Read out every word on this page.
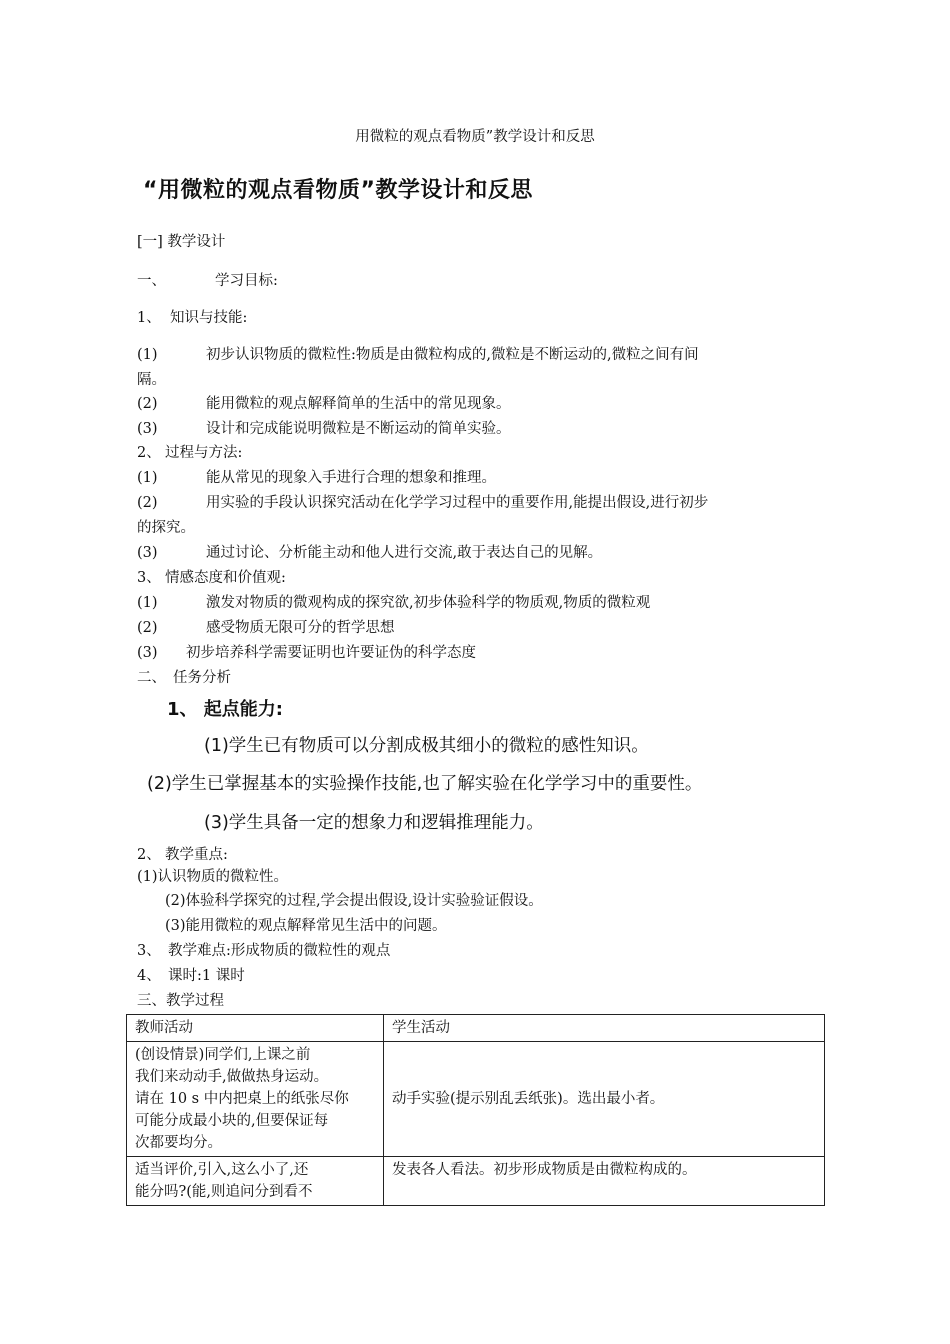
用微粒的观点看物质”教学设计和反思
“用微粒的观点看物质”教学设计和反思
[一] 教学设计
一、	学习目标:
1、 知识与技能:
(1)	初步认识物质的微粒性:物质是由微粒构成的,微粒是不断运动的,微粒之间有间
隔。
(2)	能用微粒的观点解释简单的生活中的常见现象。
(3)	设计和完成能说明微粒是不断运动的简单实验。
2、 过程与方法:
(1)	能从常见的现象入手进行合理的想象和推理。
(2)	用实验的手段认识探究活动在化学学习过程中的重要作用,能提出假设,进行初步
的探究。
(3)	通过讨论、分析能主动和他人进行交流,敢于表达自己的见解。
3、 情感态度和价值观:
(1)	激发对物质的微观构成的探究欲,初步体验科学的物质观,物质的微粒观
(2)	感受物质无限可分的哲学思想
(3) 初步培养科学需要证明也许要证伪的科学态度
二、 任务分析
1、 起点能力:
(1)学生已有物质可以分割成极其细小的微粒的感性知识。
(2)学生已掌握基本的实验操作技能,也了解实验在化学学习中的重要性。
(3)学生具备一定的想象力和逻辑推理能力。
2、 教学重点:
(1)认识物质的微粒性。
(2)体验科学探究的过程,学会提出假设,设计实验验证假设。
(3)能用微粒的观点解释常见生活中的问题。
3、 教学难点:形成物质的微粒性的观点
4、 课时:1 课时
三、教学过程
教师活动	学生活动

(创设情景)同学们,上课之前
我们来动动手,做做热身运动。
请在 10 s 中内把桌上的纸张尽你
可能分成最小块的,但要保证每
次都要均分。	动手实验(提示别乱丢纸张)。选出最小者。

适当评价,引入,这么小了,还
能分吗?(能,则追问分到看不	发表各人看法。初步形成物质是由微粒构成的。
